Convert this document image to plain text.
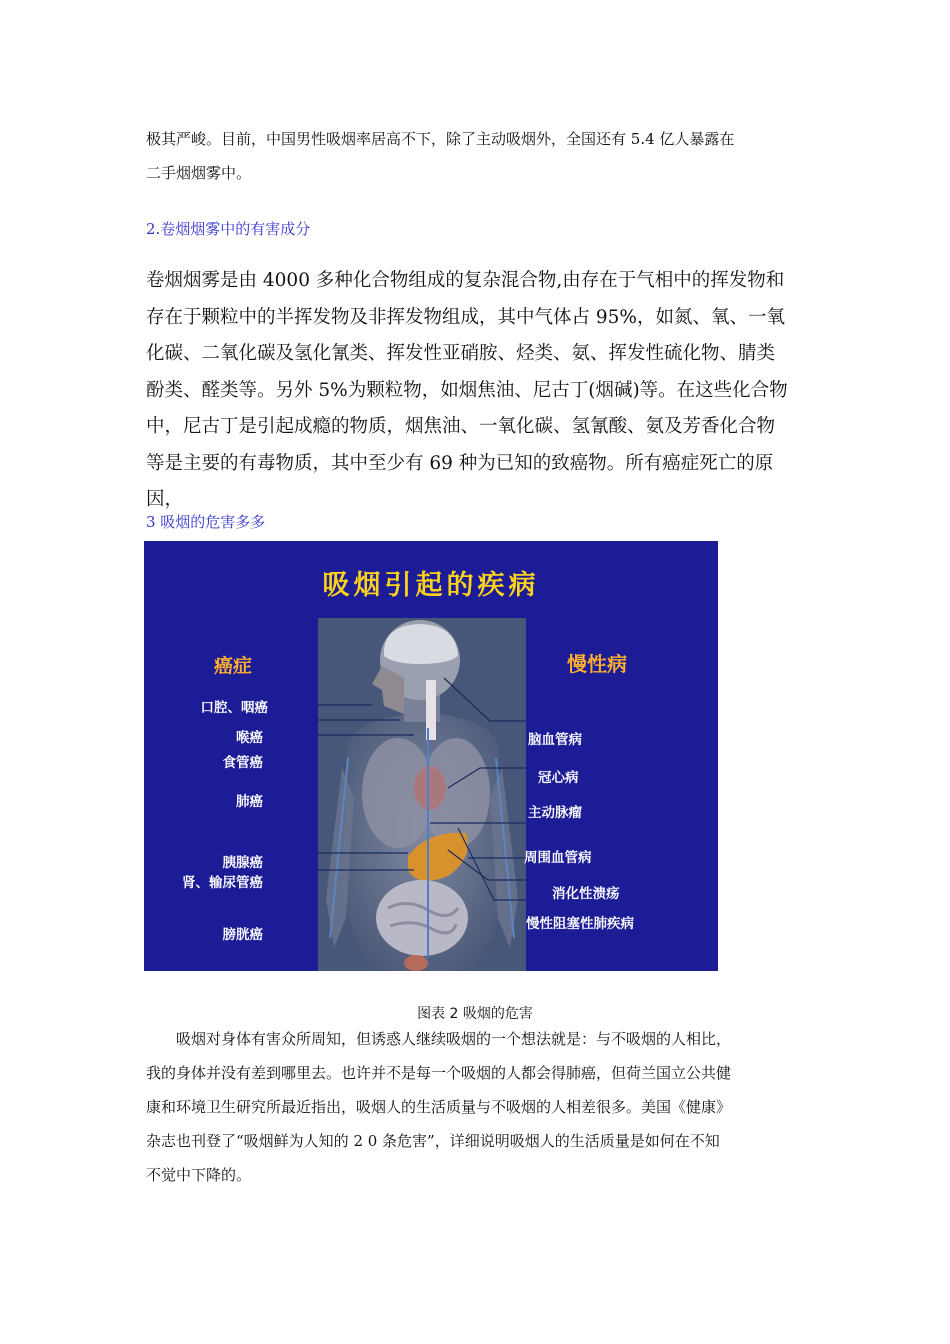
极其严峻。目前，中国男性吸烟率居高不下，除了主动吸烟外，全国还有 5.4 亿人暴露在
二手烟烟雾中。

2.卷烟烟雾中的有害成分

卷烟烟雾是由 4000 多种化合物组成的复杂混合物,由存在于气相中的挥发物和
存在于颗粒中的半挥发物及非挥发物组成，其中气体占 95%，如氮、氧、一氧
化碳、二氧化碳及氢化氰类、挥发性亚硝胺、烃类、氨、挥发性硫化物、腈类
酚类、醛类等。另外 5%为颗粒物，如烟焦油、尼古丁(烟碱)等。在这些化合物
中，尼古丁是引起成瘾的物质，烟焦油、一氧化碳、氢氰酸、氨及芳香化合物
等是主要的有毒物质，其中至少有 69 种为已知的致癌物。所有癌症死亡的原因，

3 吸烟的危害多多

吸烟引起的疾病
癌症	慢性病
口腔、咽癌
喉癌
食管癌
肺癌
胰腺癌
肾、输尿管癌
膀胱癌
脑血管病
冠心病
主动脉瘤
周围血管病
消化性溃疡
慢性阻塞性肺疾病
图表 2 吸烟的危害

吸烟对身体有害众所周知，但诱惑人继续吸烟的一个想法就是：与不吸烟的人相比，
我的身体并没有差到哪里去。也许并不是每一个吸烟的人都会得肺癌，但荷兰国立公共健
康和环境卫生研究所最近指出，吸烟人的生活质量与不吸烟的人相差很多。美国《健康》
杂志也刊登了“吸烟鲜为人知的 2 0 条危害”，详细说明吸烟人的生活质量是如何在不知
不觉中下降的。
